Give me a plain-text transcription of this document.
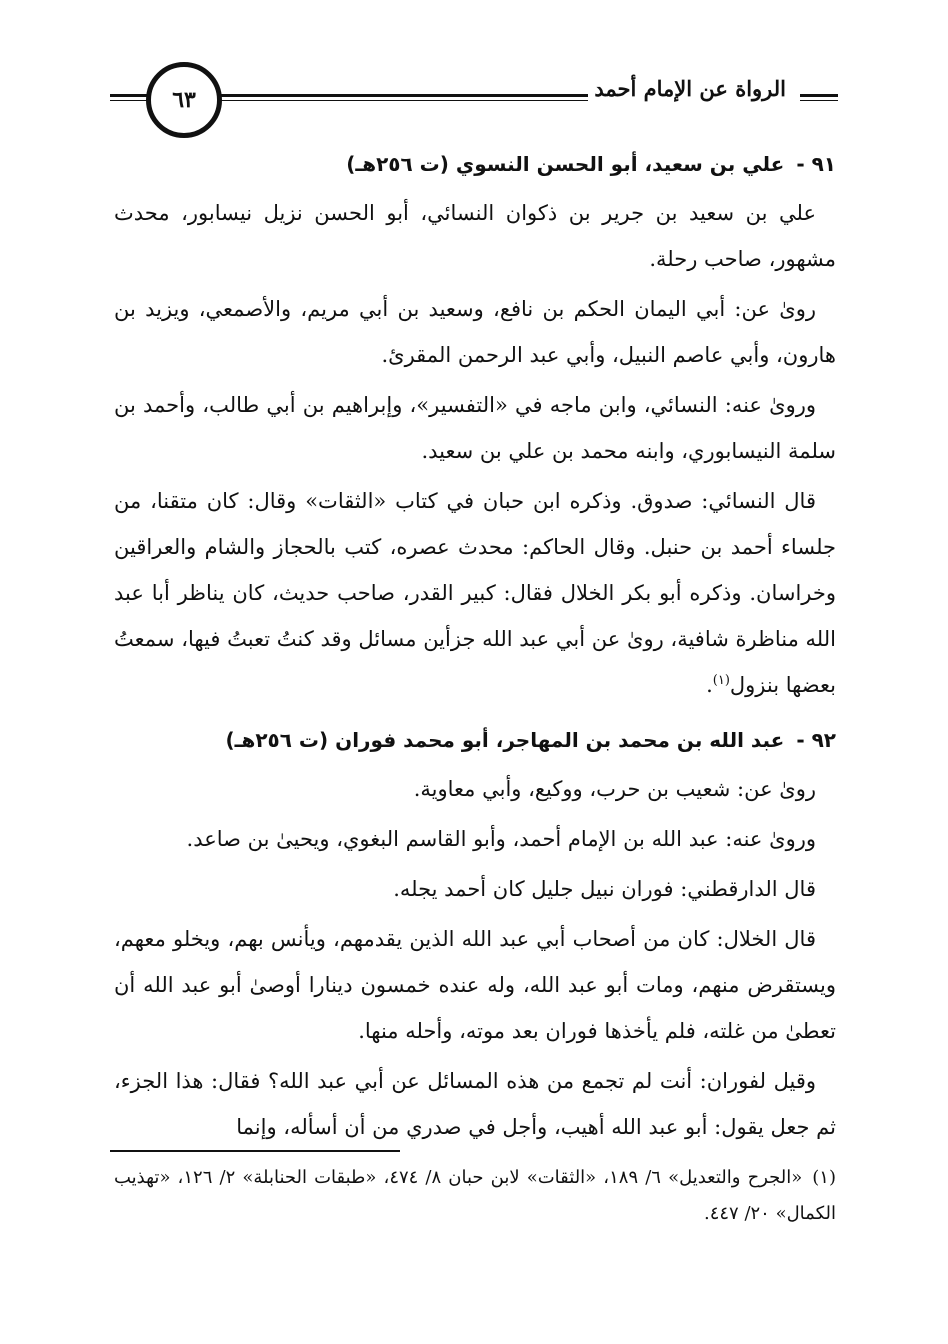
الرواة عن الإمام أحمد
٦٣
٩١ -
علي بن سعيد، أبو الحسن النسوي (ت ٢٥٦هـ)

علي بن سعيد بن جرير بن ذكوان النسائي، أبو الحسن نزيل نيسابور، محدث مشهور، صاحب رحلة.

روىٰ عن: أبي اليمان الحكم بن نافع، وسعيد بن أبي مريم، والأصمعي، ويزيد بن هارون، وأبي عاصم النبيل، وأبي عبد الرحمن المقرئ.

وروىٰ عنه: النسائي، وابن ماجه في «التفسير»، وإبراهيم بن أبي طالب، وأحمد بن سلمة النيسابوري، وابنه محمد بن علي بن سعيد.

قال النسائي: صدوق. وذكره ابن حبان في كتاب «الثقات» وقال: كان متقنا، من جلساء أحمد بن حنبل. وقال الحاكم: محدث عصره، كتب بالحجاز والشام والعراقين وخراسان. وذكره أبو بكر الخلال فقال: كبير القدر، صاحب حديث، كان يناظر أبا عبد الله مناظرة شافية، روىٰ عن أبي عبد الله جزأين مسائل وقد كنتُ تعبتُ فيها، سمعتُ بعضها بنزول$^{(١)}$.

٩٢ -
عبد الله بن محمد بن المهاجر، أبو محمد فوران (ت ٢٥٦هـ)

روىٰ عن: شعيب بن حرب، ووكيع، وأبي معاوية.

وروىٰ عنه: عبد الله بن الإمام أحمد، وأبو القاسم البغوي، ويحيىٰ بن صاعد.

قال الدارقطني: فوران نبيل جليل كان أحمد يجله.

قال الخلال: كان من أصحاب أبي عبد الله الذين يقدمهم، ويأنس بهم، ويخلو معهم، ويستقرض منهم، ومات أبو عبد الله، وله عنده خمسون دينارا أوصىٰ أبو عبد الله أن تعطىٰ من غلته، فلم يأخذها فوران بعد موته، وأحله منها.

وقيل لفوران: أنت لم تجمع من هذه المسائل عن أبي عبد الله؟ فقال: هذا الجزء، ثم جعل يقول: أبو عبد الله أهيب، وأجل في صدري من أن أسأله، وإنما

(١)«الجرح والتعديل» ٦/ ١٨٩، «الثقات» لابن حبان ٨/ ٤٧٤، «طبقات الحنابلة» ٢/ ١٢٦، «تهذيب الكمال» ٢٠/ ٤٤٧.
